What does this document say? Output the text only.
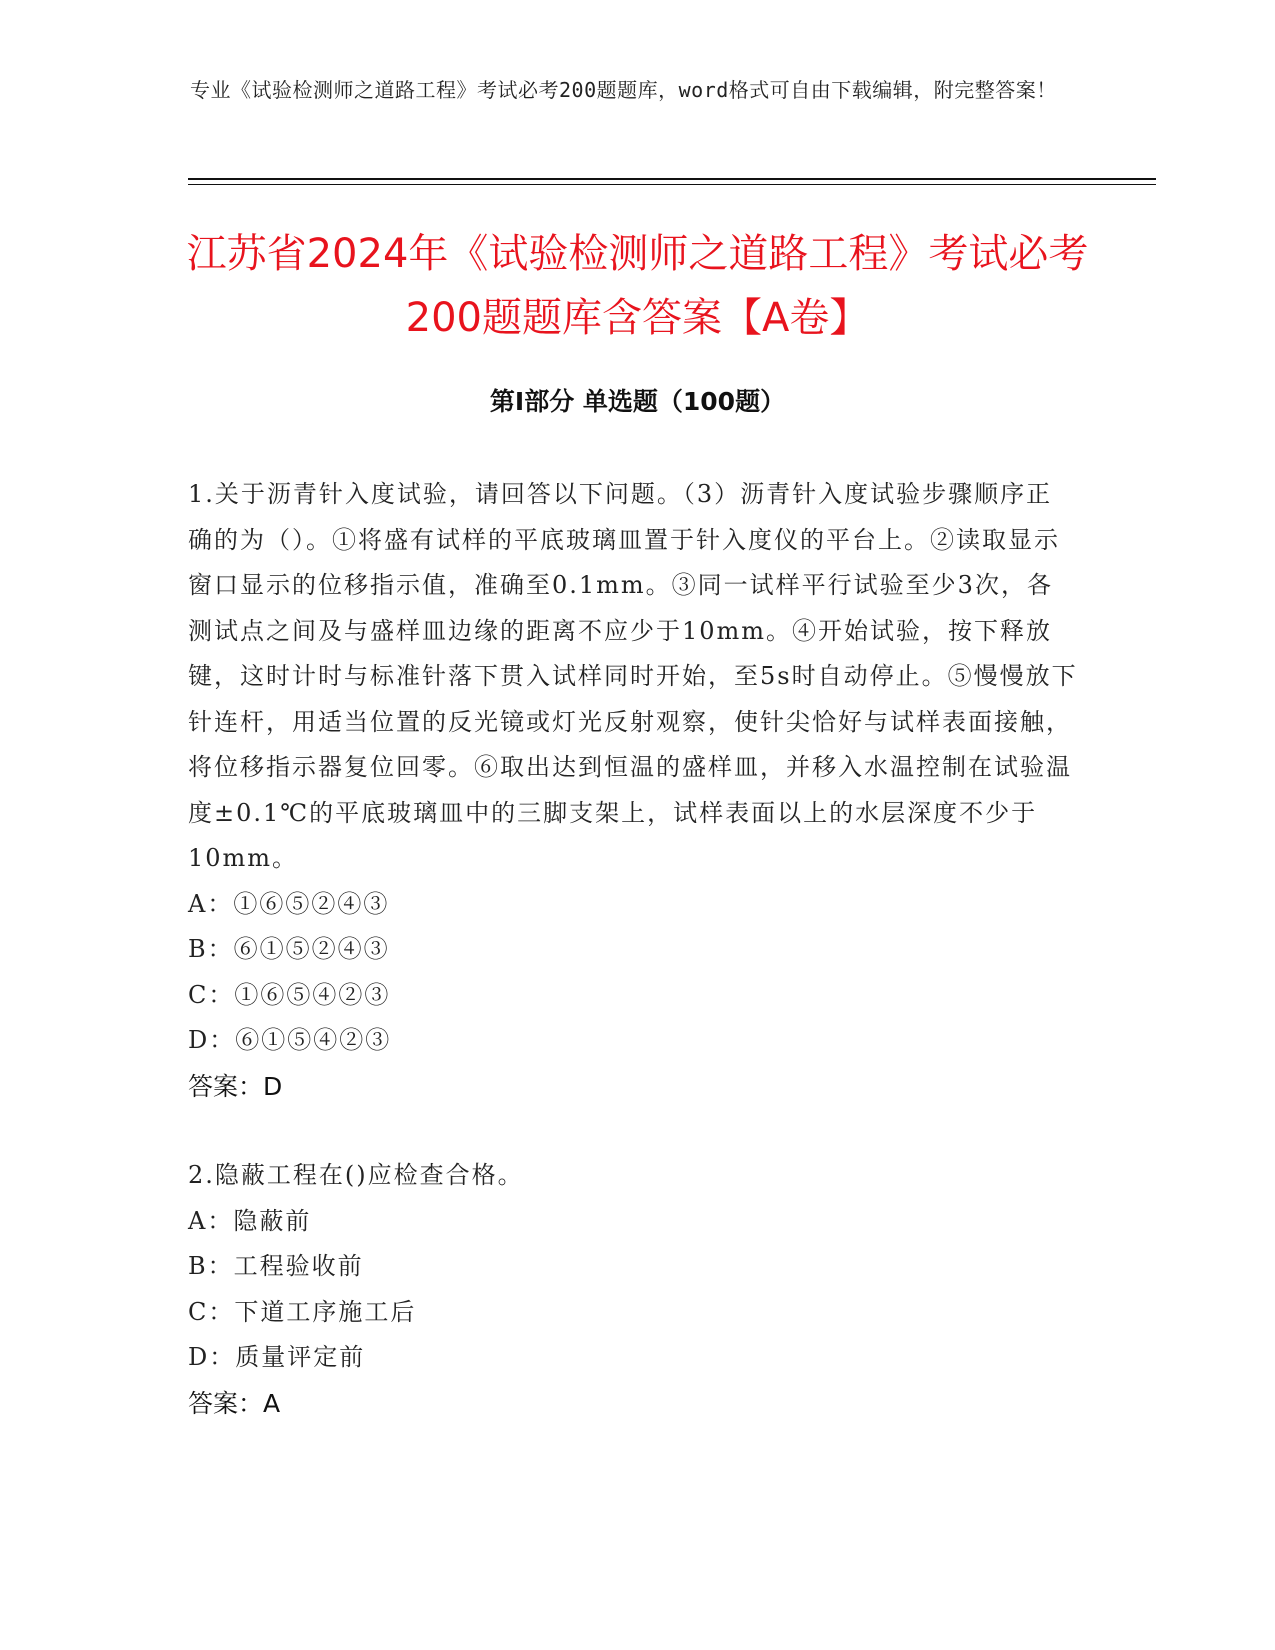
专业《试验检测师之道路工程》考试必考200题题库，word格式可自由下载编辑，附完整答案！
江苏省2024年《试验检测师之道路工程》考试必考200题题库含答案【A卷】
第I部分 单选题（100题）

1.关于沥青针入度试验，请回答以下问题。（3）沥青针入度试验步骤顺序正确的为（）。①将盛有试样的平底玻璃皿置于针入度仪的平台上。②读取显示窗口显示的位移指示值，准确至0.1mm。③同一试样平行试验至少3次，各测试点之间及与盛样皿边缘的距离不应少于10mm。④开始试验，按下释放键，这时计时与标准针落下贯入试样同时开始，至5s时自动停止。⑤慢慢放下针连杆，用适当位置的反光镜或灯光反射观察，使针尖恰好与试样表面接触，将位移指示器复位回零。⑥取出达到恒温的盛样皿，并移入水温控制在试验温度±0.1℃的平底玻璃皿中的三脚支架上，试样表面以上的水层深度不少于10mm。

A：①⑥⑤②④③

B：⑥①⑤②④③

C：①⑥⑤④②③

D：⑥①⑤④②③

答案：D

2.隐蔽工程在()应检查合格。

A：隐蔽前

B：工程验收前

C：下道工序施工后

D：质量评定前

答案：A
